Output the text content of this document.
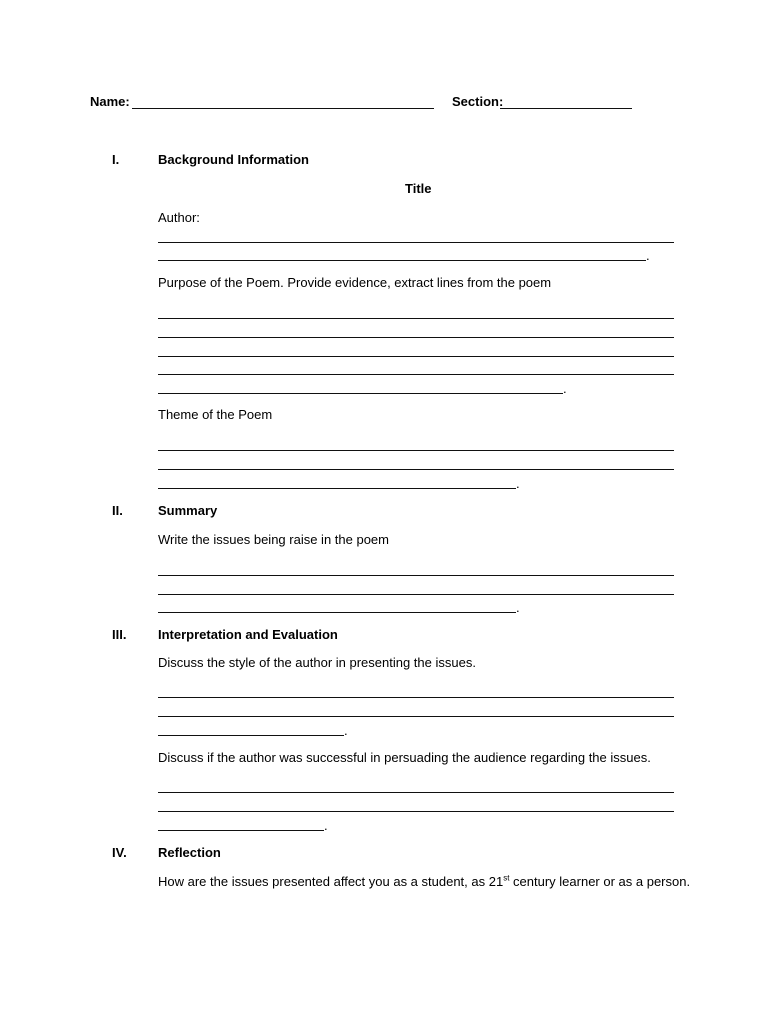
Name:	Section:
I.	Background Information
Title
Author:
.
Purpose of the Poem. Provide evidence, extract lines from the poem
.
Theme of the Poem
.
II.	Summary
Write the issues being raise in the poem
.
III. Interpretation and Evaluation
Discuss the style of the author in presenting the issues.
.
Discuss if the author was successful in persuading the audience regarding the issues.
.
IV. Reflection
How are the issues presented affect you as a student, as 21st century learner or as a person.
